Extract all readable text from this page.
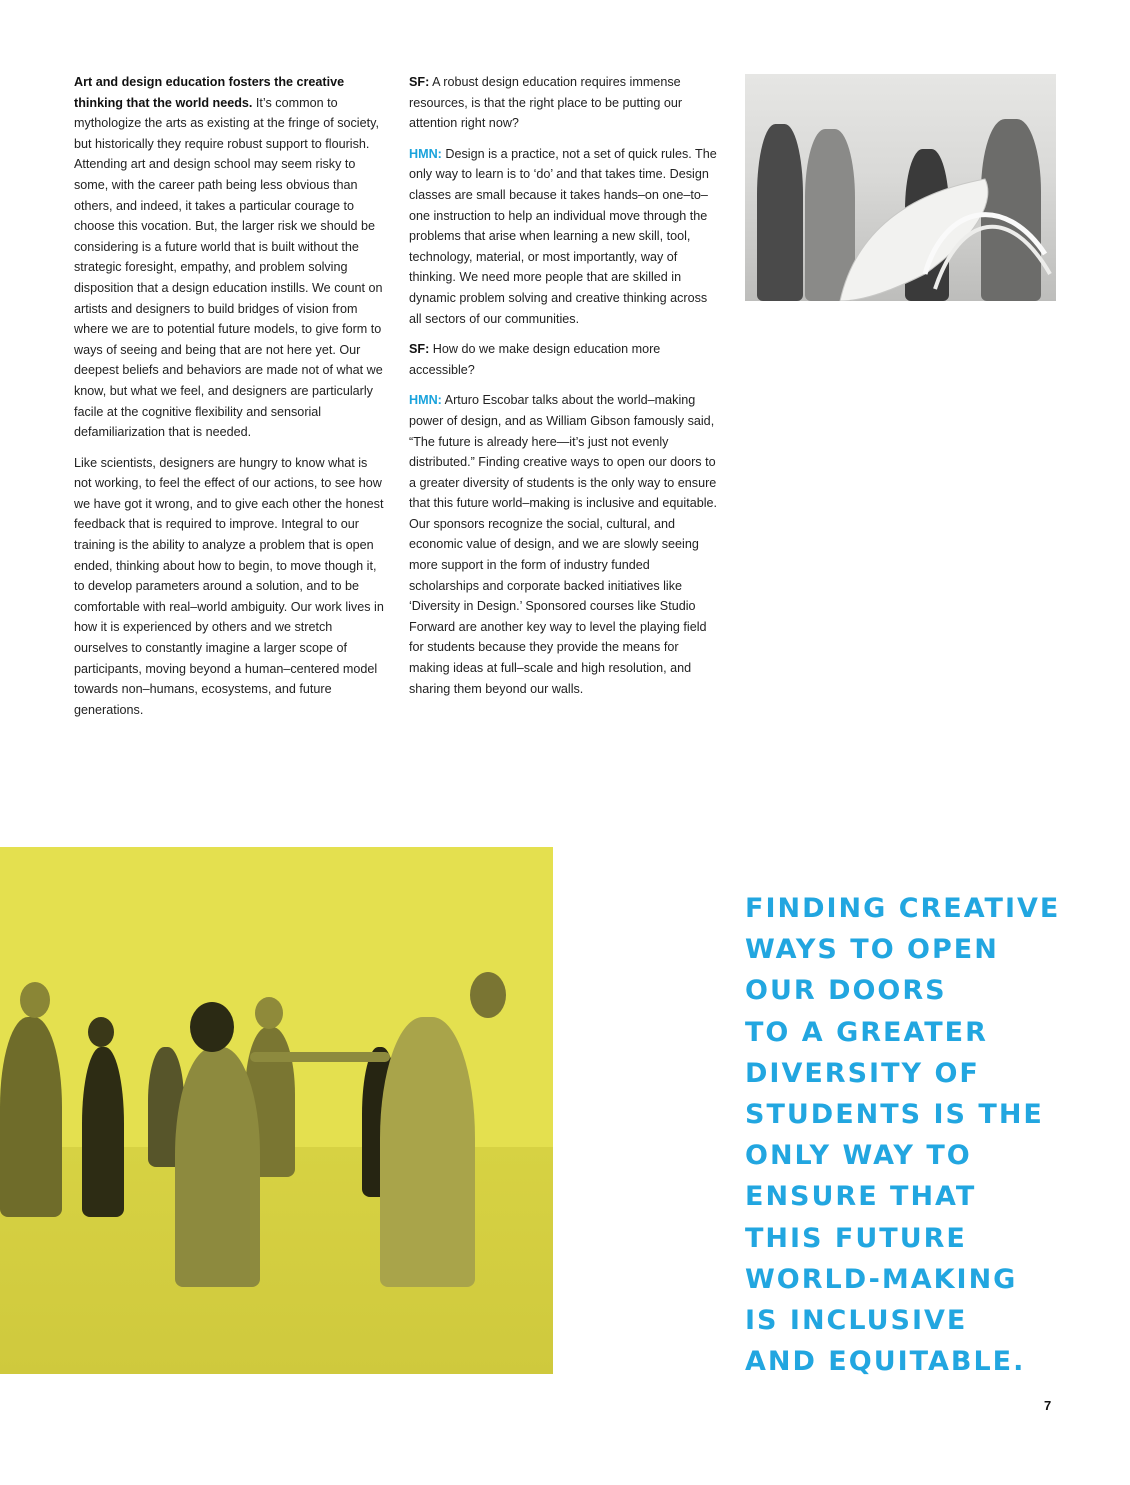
Art and design education fosters the creative thinking that the world needs. It’s common to mythologize the arts as existing at the fringe of society, but historically they require robust support to flourish. Attending art and design school may seem risky to some, with the career path being less obvious than others, and indeed, it takes a particular courage to choose this vocation. But, the larger risk we should be considering is a future world that is built without the strategic foresight, empathy, and problem solving disposition that a design education instills. We count on artists and designers to build bridges of vision from where we are to potential future models, to give form to ways of seeing and being that are not here yet. Our deepest beliefs and behaviors are made not of what we know, but what we feel, and designers are particularly facile at the cognitive flexibility and sensorial defamiliarization that is needed.

Like scientists, designers are hungry to know what is not working, to feel the effect of our actions, to see how we have got it wrong, and to give each other the honest feedback that is required to improve. Integral to our training is the ability to analyze a problem that is open ended, thinking about how to begin, to move though it, to develop parameters around a solution, and to be comfortable with real–world ambiguity. Our work lives in how it is experienced by others and we stretch ourselves to constantly imagine a larger scope of participants, moving beyond a human–centered model towards non–humans, ecosystems, and future generations.

SF: A robust design education requires immense resources, is that the right place to be putting our attention right now?

HMN: Design is a practice, not a set of quick rules. The only way to learn is to ‘do’ and that takes time. Design classes are small because it takes hands–on one–to–one instruction to help an individual move through the problems that arise when learning a new skill, tool, technology, material, or most importantly, way of thinking. We need more people that are skilled in dynamic problem solving and creative thinking across all sectors of our communities.

SF: How do we make design education more accessible?

HMN: Arturo Escobar talks about the world–making power of design, and as William Gibson famously said, “The future is already here—it’s just not evenly distributed.” Finding creative ways to open our doors to a greater diversity of students is the only way to ensure that this future world–making is inclusive and equitable. Our sponsors recognize the social, cultural, and economic value of design, and we are slowly seeing more support in the form of industry funded scholarships and corporate backed initiatives like ‘Diversity in Design.’ Sponsored courses like Studio Forward are another key way to level the playing field for students because they provide the means for making ideas at full–scale and high resolution, and sharing them beyond our walls.

FINDING CREATIVE
WAYS TO OPEN
OUR DOORS
TO A GREATER
DIVERSITY OF
STUDENTS IS THE
ONLY WAY TO
ENSURE THAT
THIS FUTURE
WORLD-MAKING
IS INCLUSIVE
AND EQUITABLE.

7
